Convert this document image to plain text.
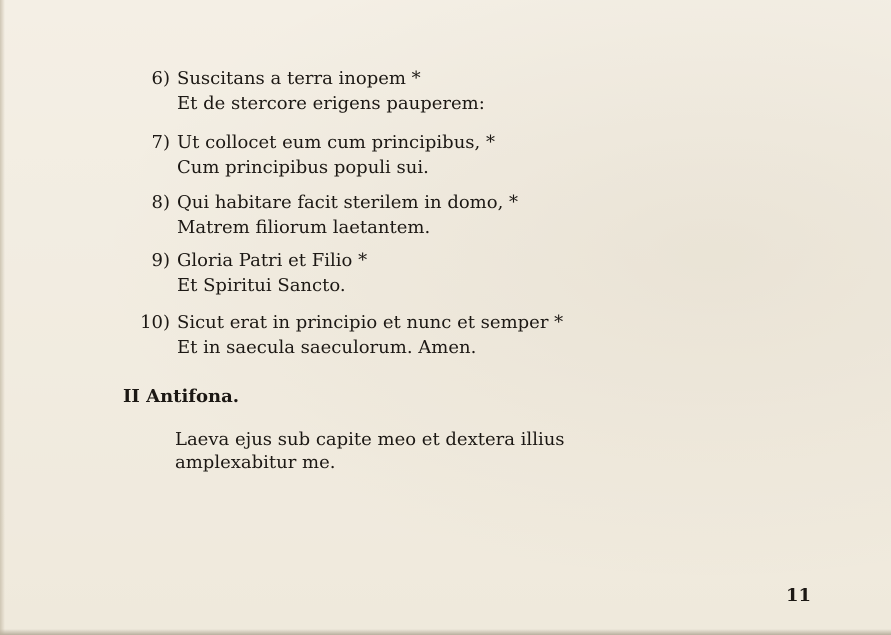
6) Suscitans a terra inopem *
Et de stercore erigens pauperem:
7) Ut collocet eum cum principibus, *
Cum principibus populi sui.
8) Qui habitare facit sterilem in domo, *
Matrem filiorum laetantem.
9) Gloria Patri et Filio *
Et Spiritui Sancto.
10) Sicut erat in principio et nunc et semper *
Et in saecula saeculorum. Amen.
II Antifona.
Laeva ejus sub capite meo et dextera illius
amplexabitur me.
11
